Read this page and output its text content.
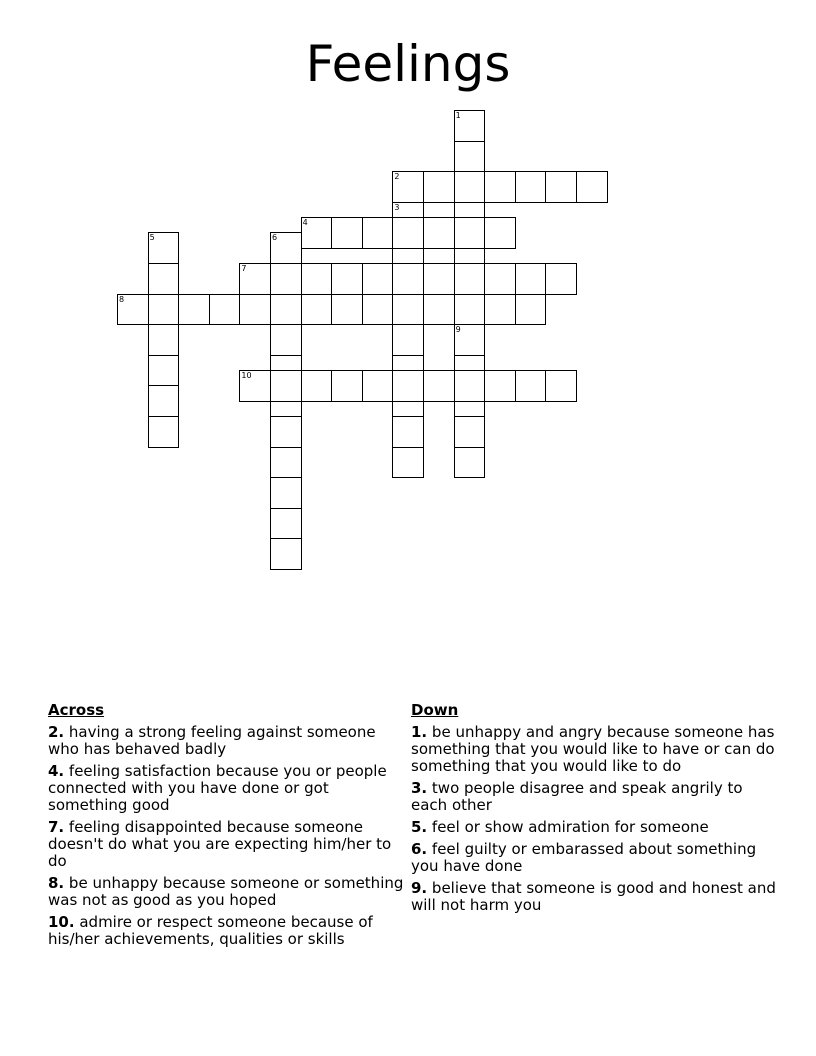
Feelings
1
9
2
3
4
5	6
7
8
10
Across
2. having a strong feeling against someone who has behaved badly
4. feeling satisfaction because you or people connected with you have done or got something good
7. feeling disappointed because someone doesn't do what you are expecting him/her to do
8. be unhappy because someone or something was not as good as you hoped
10. admire or respect someone because of his/her achievements, qualities or skills
Down
1. be unhappy and angry because someone has something that you would like to have or can do something that you would like to do
3. two people disagree and speak angrily to each other
5. feel or show admiration for someone
6. feel guilty or embarassed about something you have done
9. believe that someone is good and honest and will not harm you
